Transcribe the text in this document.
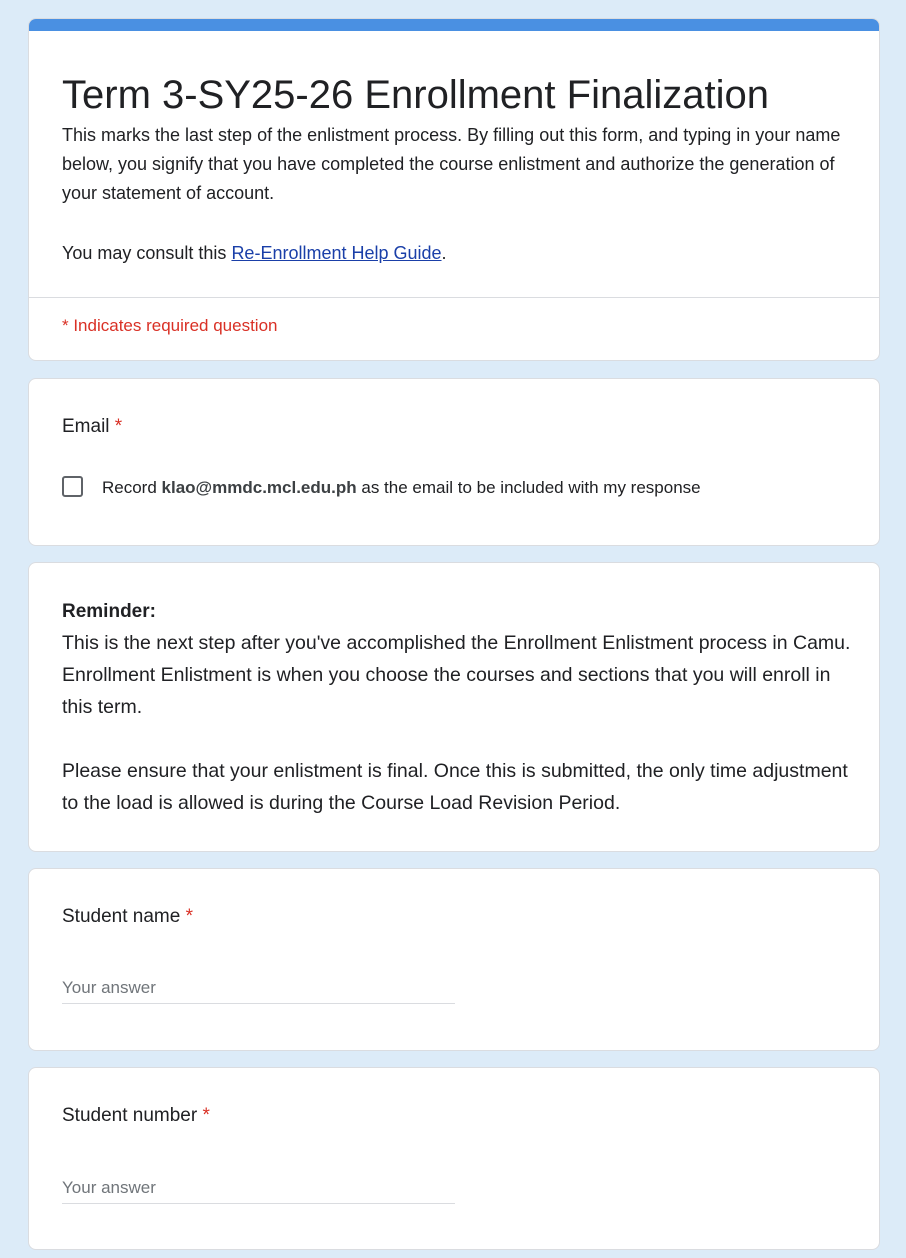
Term 3-SY25-26 Enrollment Finalization

This marks the last step of the enlistment process. By filling out this form, and typing in your name below, you signify that you have completed the course enlistment and authorize the generation of your statement of account.

You may consult this Re-Enrollment Help Guide.
* Indicates required question
Email *
Record klao@mmdc.mcl.edu.ph as the email to be included with my response
Reminder:

This is the next step after you've accomplished the Enrollment Enlistment process in Camu. Enrollment Enlistment is when you choose the courses and sections that you will enroll in this term.

Please ensure that your enlistment is final. Once this is submitted, the only time adjustment to the load is allowed is during the Course Load Revision Period.

Student name *
Your answer
Student number *
Your answer
